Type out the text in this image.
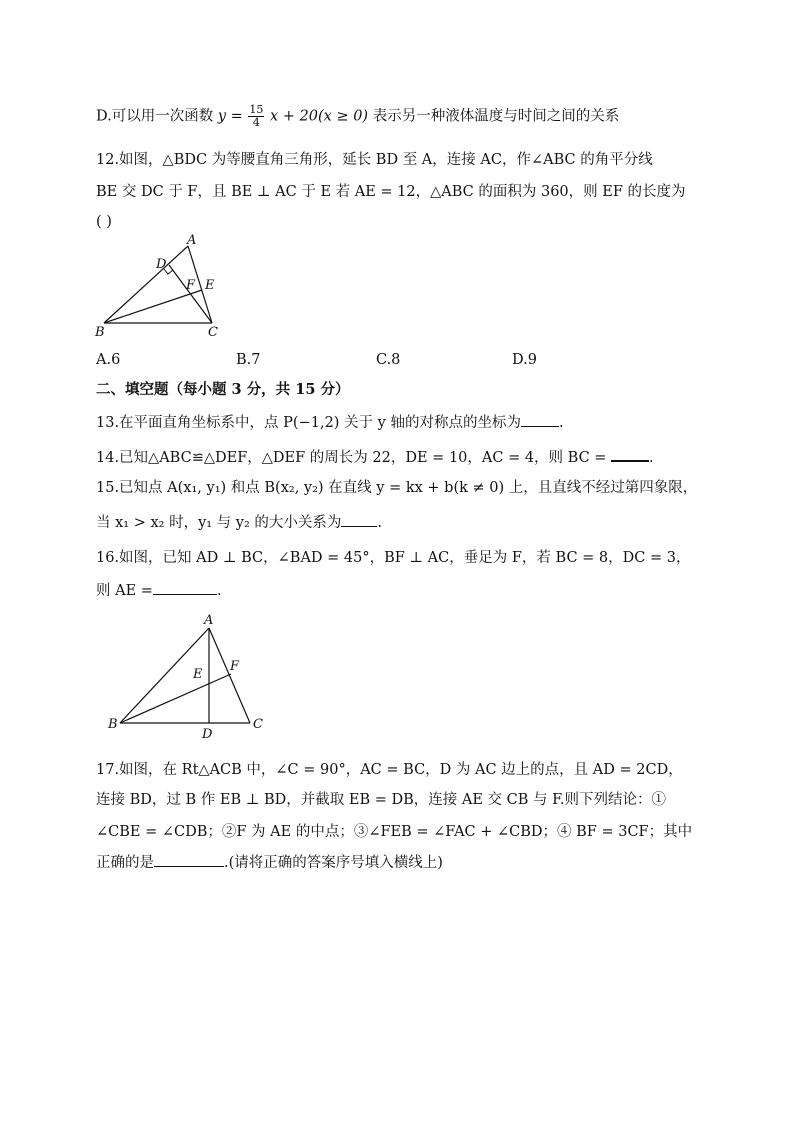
D.可以用一次函数 $y = \frac{15}{4}$ x + 20(x ≥ 0) 表示另一种液体温度与时间之间的关系
12.如图，△BDC 为等腰直角三角形，延长 BD 至 A，连接 AC，作∠ABC 的角平分线
BE 交 DC 于 F，且 BE ⊥ AC 于 E 若 AE = 12，△ABC 的面积为 360，则 EF 的长度为
( )
A
D
F E
B	C
A.6	B.7	C.8	D.9
二、填空题（每小题 3 分，共 15 分）
13.在平面直角坐标系中，点 P(−1,2) 关于 y 轴的对称点的坐标为	.
14.已知△ABC≌△DEF，△DEF 的周长为 22，DE = 10，AC = 4，则 BC =	.
15.已知点 A(x₁, y₁) 和点 B(x₂, y₂) 在直线 y = kx + b(k ≠ 0) 上，且直线不经过第四象限，
当 x₁ > x₂ 时，y₁ 与 y₂ 的大小关系为 .
16.如图，已知 AD ⊥ BC，∠BAD = 45°，BF ⊥ AC，垂足为 F，若 BC = 8，DC = 3，
则 AE =	.
A
F
E
B	C
D
17.如图，在 Rt△ACB 中，∠C = 90°，AC = BC，D 为 AC 边上的点，且 AD = 2CD，
连接 BD，过 B 作 EB ⊥ BD，并截取 EB = DB，连接 AE 交 CB 与 F.则下列结论：①
∠CBE = ∠CDB；②F 为 AE 的中点；③∠FEB = ∠FAC + ∠CBD；④ BF = 3CF；其中
正确的是	.(请将正确的答案序号填入横线上)
